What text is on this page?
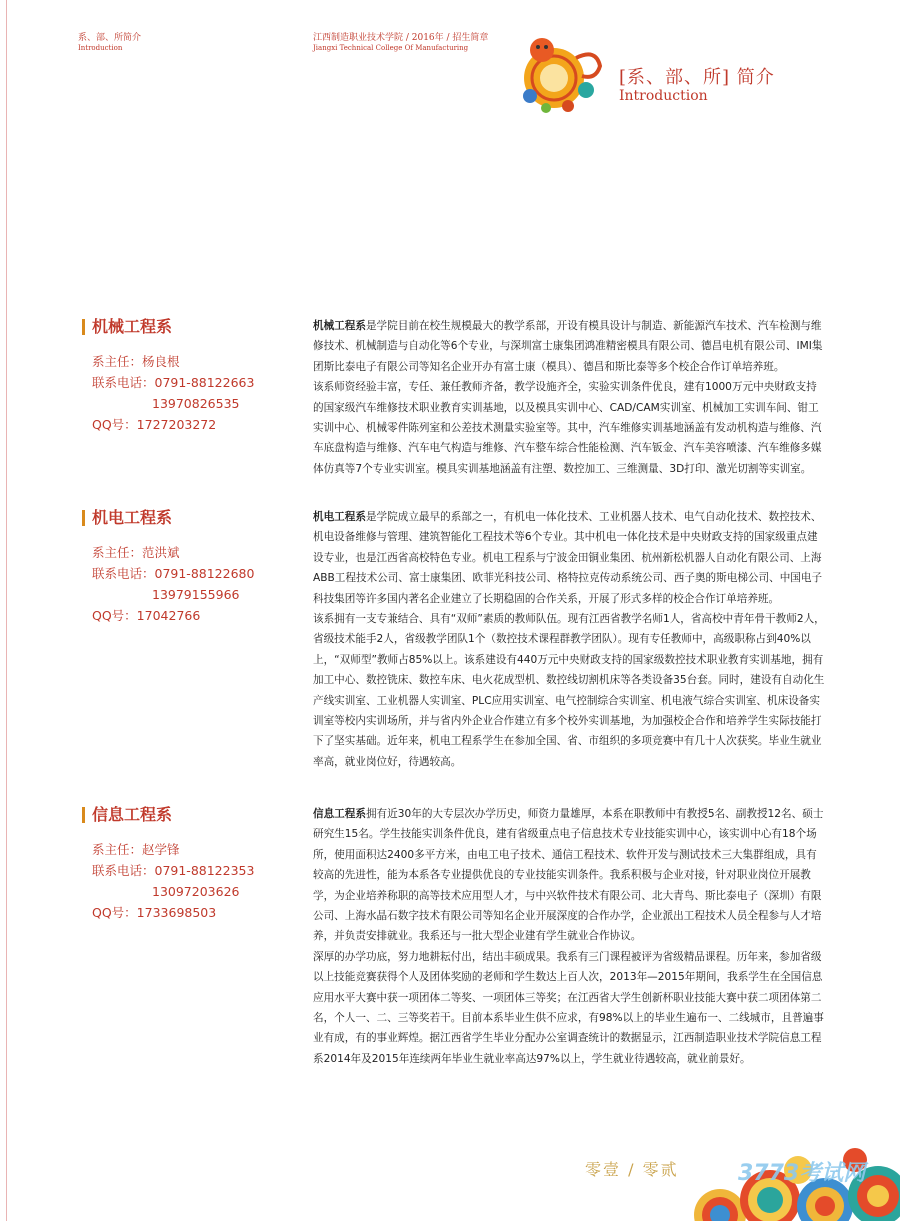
系、部、所简介
Introduction
江西制造职业技术学院 / 2016年 / 招生简章
Jiangxi Technical College Of Manufacturing
[系、部、所] 简介
Introduction
机械工程系
系主任：杨良根
联系电话：0791-88122663
13970826535
QQ号：1727203272

机械工程系是学院目前在校生规模最大的教学系部，开设有模具设计与制造、新能源汽车技术、汽车检测与维修技术、机械制造与自动化等6个专业，与深圳富士康集团鸿准精密模具有限公司、德昌电机有限公司、IMI集团斯比泰电子有限公司等知名企业开办有富士康（模具）、德昌和斯比泰等多个校企合作订单培养班。

该系师资经验丰富，专任、兼任教师齐备，教学设施齐全，实验实训条件优良，建有1000万元中央财政支持的国家级汽车维修技术职业教育实训基地，以及模具实训中心、CAD/CAM实训室、机械加工实训车间、钳工实训中心、机械零件陈列室和公差技术测量实验室等。其中，汽车维修实训基地涵盖有发动机构造与维修、汽车底盘构造与维修、汽车电气构造与维修、汽车整车综合性能检测、汽车钣金、汽车美容喷漆、汽车维修多媒体仿真等7个专业实训室。模具实训基地涵盖有注塑、数控加工、三维测量、3D打印、激光切割等实训室。

机电工程系
系主任：范洪斌
联系电话：0791-88122680
13979155966
QQ号：17042766

机电工程系是学院成立最早的系部之一，有机电一体化技术、工业机器人技术、电气自动化技术、数控技术、机电设备维修与管理、建筑智能化工程技术等6个专业。其中机电一体化技术是中央财政支持的国家级重点建设专业，也是江西省高校特色专业。机电工程系与宁波金田铜业集团、杭州新松机器人自动化有限公司、上海ABB工程技术公司、富士康集团、欧菲光科技公司、格特拉克传动系统公司、西子奥的斯电梯公司、中国电子科技集团等许多国内著名企业建立了长期稳固的合作关系，开展了形式多样的校企合作订单培养班。

该系拥有一支专兼结合、具有“双师”素质的教师队伍。现有江西省教学名师1人，省高校中青年骨干教师2人，省级技术能手2人，省级教学团队1个（数控技术课程群教学团队）。现有专任教师中，高级职称占到40%以上，“双师型”教师占85%以上。该系建设有440万元中央财政支持的国家级数控技术职业教育实训基地，拥有加工中心、数控铣床、数控车床、电火花成型机、数控线切割机床等各类设备35台套。同时，建设有自动化生产线实训室、工业机器人实训室、PLC应用实训室、电气控制综合实训室、机电液气综合实训室、机床设备实训室等校内实训场所，并与省内外企业合作建立有多个校外实训基地，为加强校企合作和培养学生实际技能打下了坚实基础。近年来，机电工程系学生在参加全国、省、市组织的多项竞赛中有几十人次获奖。毕业生就业率高，就业岗位好，待遇较高。

信息工程系
系主任：赵学锋
联系电话：0791-88122353
13097203626
QQ号：1733698503

信息工程系拥有近30年的大专层次办学历史，师资力量雄厚，本系在职教师中有教授5名、副教授12名、硕士研究生15名。学生技能实训条件优良，建有省级重点电子信息技术专业技能实训中心，该实训中心有18个场所，使用面积达2400多平方米，由电工电子技术、通信工程技术、软件开发与测试技术三大集群组成，具有较高的先进性，能为本系各专业提供优良的专业技能实训条件。我系积极与企业对接，针对职业岗位开展教学，为企业培养称职的高等技术应用型人才，与中兴软件技术有限公司、北大青鸟、斯比泰电子（深圳）有限公司、上海水晶石数字技术有限公司等知名企业开展深度的合作办学，企业派出工程技术人员全程参与人才培养，并负责安排就业。我系还与一批大型企业建有学生就业合作协议。

深厚的办学功底，努力地耕耘付出，结出丰硕成果。我系有三门课程被评为省级精品课程。历年来，参加省级以上技能竞赛获得个人及团体奖励的老师和学生数达上百人次，2013年—2015年期间，我系学生在全国信息应用水平大赛中获一项团体二等奖、一项团体三等奖；在江西省大学生创新杯职业技能大赛中获二项团体第二名，个人一、二、三等奖若干。目前本系毕业生供不应求，有98%以上的毕业生遍布一、二线城市，且普遍事业有成，有的事业辉煌。据江西省学生毕业分配办公室调查统计的数据显示，江西制造职业技术学院信息工程系2014年及2015年连续两年毕业生就业率高达97%以上，学生就业待遇较高，就业前景好。

零壹 / 零贰	3773考试网
